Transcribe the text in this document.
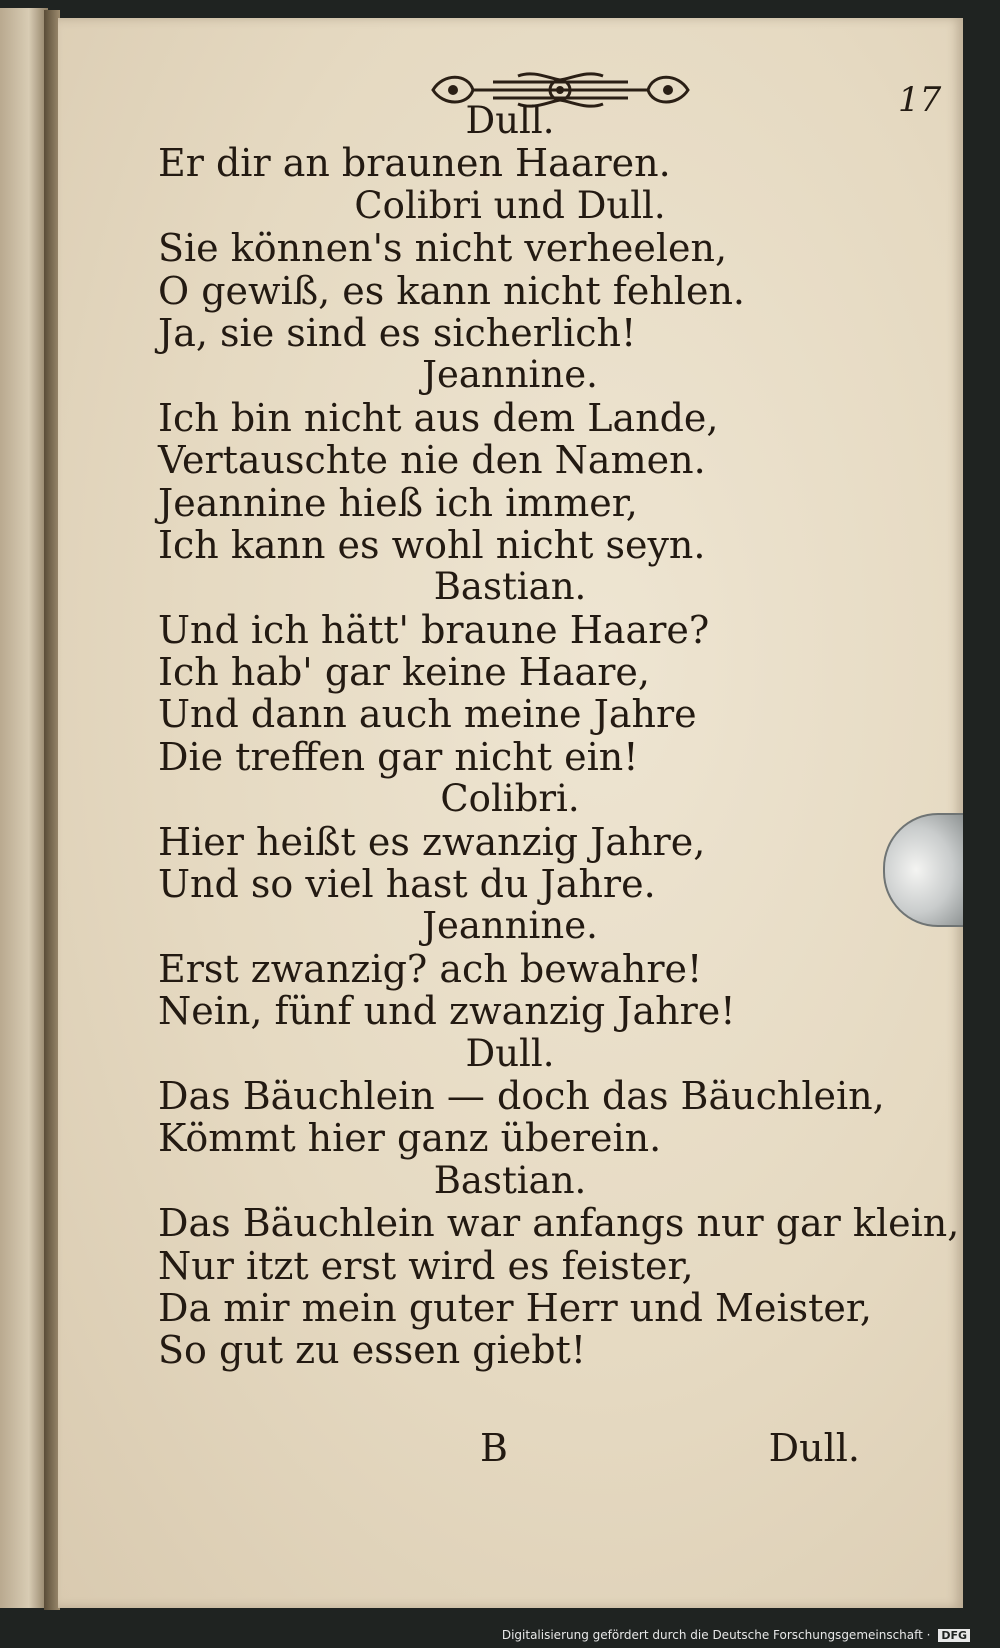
17
Dull.
Er dir an braunen Haaren.
Colibri und Dull.
Sie können's nicht verheelen,
O gewiß, es kann nicht fehlen.
Ja, sie sind es sicherlich!
Jeannine.
Ich bin nicht aus dem Lande,
Vertauschte nie den Namen.
Jeannine hieß ich immer,
Ich kann es wohl nicht seyn.
Bastian.
Und ich hätt' braune Haare?
Ich hab' gar keine Haare,
Und dann auch meine Jahre
Die treffen gar nicht ein!
Colibri.
Hier heißt es zwanzig Jahre,
Und so viel hast du Jahre.
Jeannine.
Erst zwanzig? ach bewahre!
Nein, fünf und zwanzig Jahre!
Dull.
Das Bäuchlein — doch das Bäuchlein,
Kömmt hier ganz überein.
Bastian.
Das Bäuchlein war anfangs nur gar klein,
Nur itzt erst wird es feister,
Da mir mein guter Herr und Meister,
So gut zu essen giebt!
B	Dull.
Digitalisierung gefördert durch die Deutsche Forschungsgemeinschaft · DFG
